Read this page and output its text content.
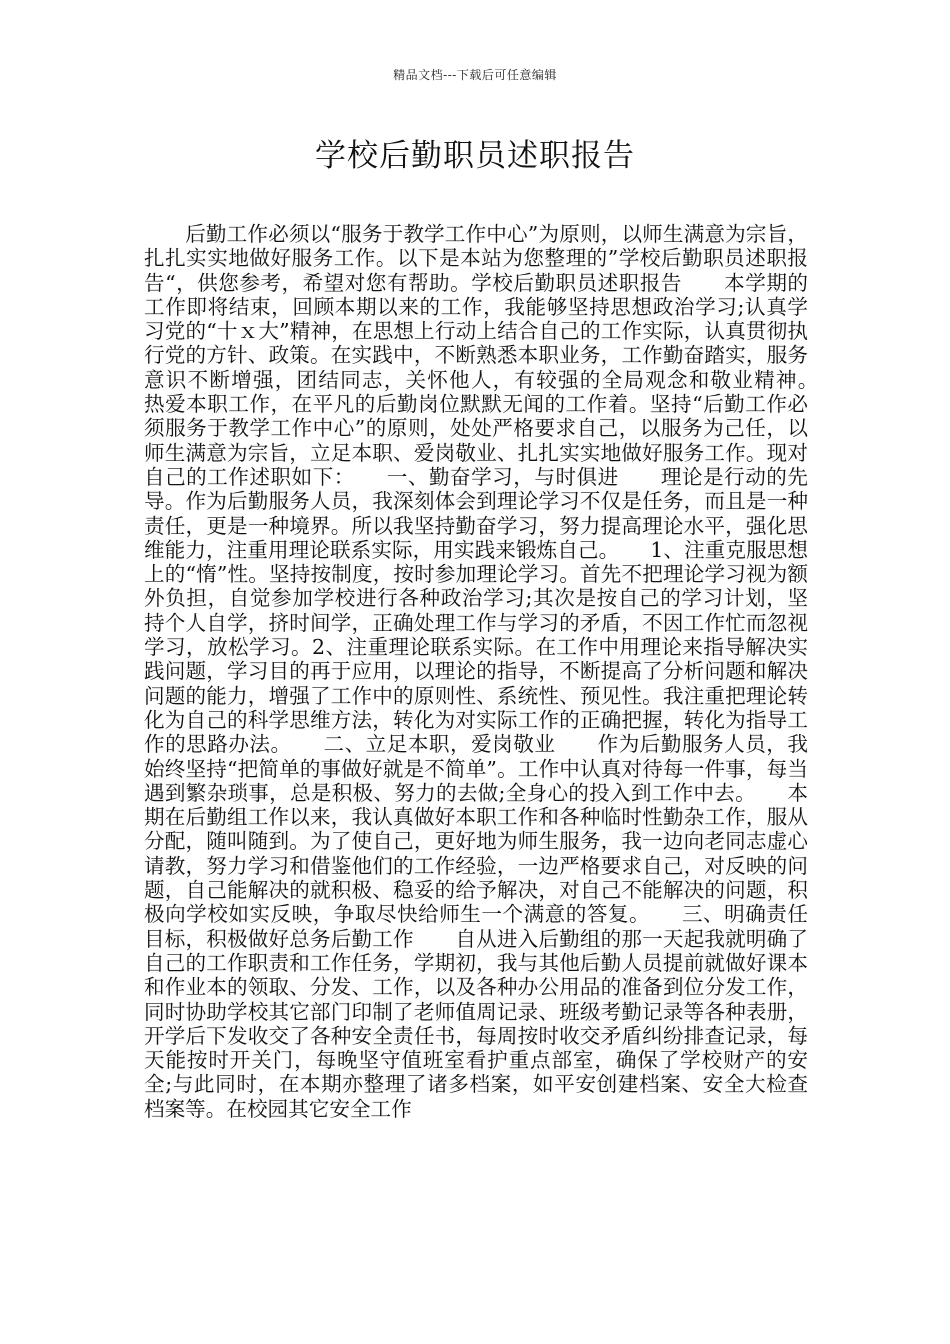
精品文档---下载后可任意编辑
学校后勤职员述职报告

后勤工作必须以“服务于教学工作中心”为原则，以师生满意为宗旨，扎扎实实地做好服务工作。以下是本站为您整理的”学校后勤职员述职报告“，供您参考，希望对您有帮助。学校后勤职员述职报告　　本学期的工作即将结束，回顾本期以来的工作，我能够坚持思想政治学习;认真学习党的“十ｘ大”精神，在思想上行动上结合自己的工作实际，认真贯彻执行党的方针、政策。在实践中，不断熟悉本职业务，工作勤奋踏实，服务意识不断增强，团结同志，关怀他人，有较强的全局观念和敬业精神。　　热爱本职工作，在平凡的后勤岗位默默无闻的工作着。坚持“后勤工作必须服务于教学工作中心”的原则，处处严格要求自己，以服务为己任，以师生满意为宗旨，立足本职、爱岗敬业、扎扎实实地做好服务工作。现对自己的工作述职如下：　　一、勤奋学习，与时俱进　　理论是行动的先导。作为后勤服务人员，我深刻体会到理论学习不仅是任务，而且是一种责任，更是一种境界。所以我坚持勤奋学习，努力提高理论水平，强化思维能力，注重用理论联系实际，用实践来锻炼自己。　　1、注重克服思想上的“惰”性。坚持按制度，按时参加理论学习。首先不把理论学习视为额外负担，自觉参加学校进行各种政治学习;其次是按自己的学习计划，坚持个人自学，挤时间学，正确处理工作与学习的矛盾，不因工作忙而忽视学习，放松学习。2、注重理论联系实际。在工作中用理论来指导解决实践问题，学习目的再于应用，以理论的指导，不断提高了分析问题和解决问题的能力，增强了工作中的原则性、系统性、预见性。我注重把理论转化为自己的科学思维方法，转化为对实际工作的正确把握，转化为指导工作的思路办法。　　二、立足本职，爱岗敬业　　作为后勤服务人员，我始终坚持“把简单的事做好就是不简单”。工作中认真对待每一件事，每当遇到繁杂琐事，总是积极、努力的去做;全身心的投入到工作中去。　　本期在后勤组工作以来，我认真做好本职工作和各种临时性勤杂工作，服从分配，随叫随到。为了使自己，更好地为师生服务，我一边向老同志虚心请教，努力学习和借鉴他们的工作经验，一边严格要求自己，对反映的问题，自己能解决的就积极、稳妥的给予解决，对自己不能解决的问题，积极向学校如实反映，争取尽快给师生一个满意的答复。　　三、明确责任目标，积极做好总务后勤工作　　自从进入后勤组的那一天起我就明确了自己的工作职责和工作任务，学期初，我与其他后勤人员提前就做好课本和作业本的领取、分发、工作，以及各种办公用品的准备到位分发工作，同时协助学校其它部门印制了老师值周记录、班级考勤记录等各种表册，开学后下发收交了各种安全责任书，每周按时收交矛盾纠纷排查记录，每天能按时开关门，每晚坚守值班室看护重点部室，确保了学校财产的安全;与此同时，在本期亦整理了诸多档案，如平安创建档案、安全大检查档案等。在校园其它安全工作
